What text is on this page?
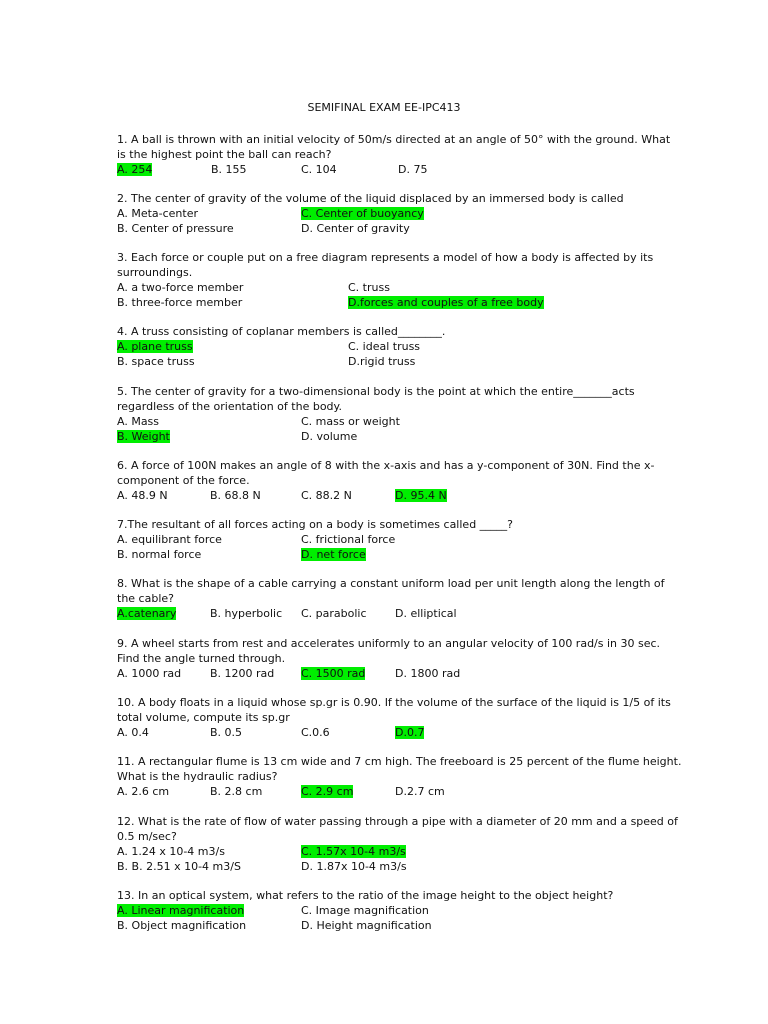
SEMIFINAL EXAM EE-IPC413
1. A ball is thrown with an initial velocity of 50m/s directed at an angle of 50° with the ground. What
is the highest point the ball can reach?
A. 254	B. 155	C. 104	D. 75
2. The center of gravity of the volume of the liquid displaced by an immersed body is called
A. Meta-center	C. Center of buoyancy
B. Center of pressure	D. Center of gravity
3. Each force or couple put on a free diagram represents a model of how a body is affected by its
surroundings.
A. a two-force member	C. truss
B. three-force member	D.forces and couples of a free body
4. A truss consisting of coplanar members is called________.
A. plane truss	C. ideal truss
B. space truss	D.rigid truss
5. The center of gravity for a two-dimensional body is the point at which the entire_______acts
regardless of the orientation of the body.
A. Mass	C. mass or weight
B. Weight	D. volume
6. A force of 100N makes an angle of 8 with the x-axis and has a y-component of 30N. Find the x-
component of the force.
A. 48.9 N	B. 68.8 N	C. 88.2 N	D. 95.4 N
7.The resultant of all forces acting on a body is sometimes called _____?
A. equilibrant force	C. frictional force
B. normal force	D. net force
8. What is the shape of a cable carrying a constant uniform load per unit length along the length of
the cable?
A.catenary	B. hyperbolic C. parabolic	D. elliptical
9. A wheel starts from rest and accelerates uniformly to an angular velocity of 100 rad/s in 30 sec.
Find the angle turned through.
A. 1000 rad	B. 1200 rad C. 1500 rad	D. 1800 rad
10. A body floats in a liquid whose sp.gr is 0.90. If the volume of the surface of the liquid is 1/5 of its
total volume, compute its sp.gr
A. 0.4	B. 0.5	C.0.6	D.0.7
11. A rectangular flume is 13 cm wide and 7 cm high. The freeboard is 25 percent of the flume height.
What is the hydraulic radius?
A. 2.6 cm	B. 2.8 cm	C. 2.9 cm	D.2.7 cm
12. What is the rate of flow of water passing through a pipe with a diameter of 20 mm and a speed of
0.5 m/sec?
A. 1.24 x 10-4 m3/s	C. 1.57x 10-4 m3/s
B. B. 2.51 x 10-4 m3/S	D. 1.87x 10-4 m3/s
13. In an optical system, what refers to the ratio of the image height to the object height?
A. Linear magnification	C. Image magnification
B. Object magnification	D. Height magnification
